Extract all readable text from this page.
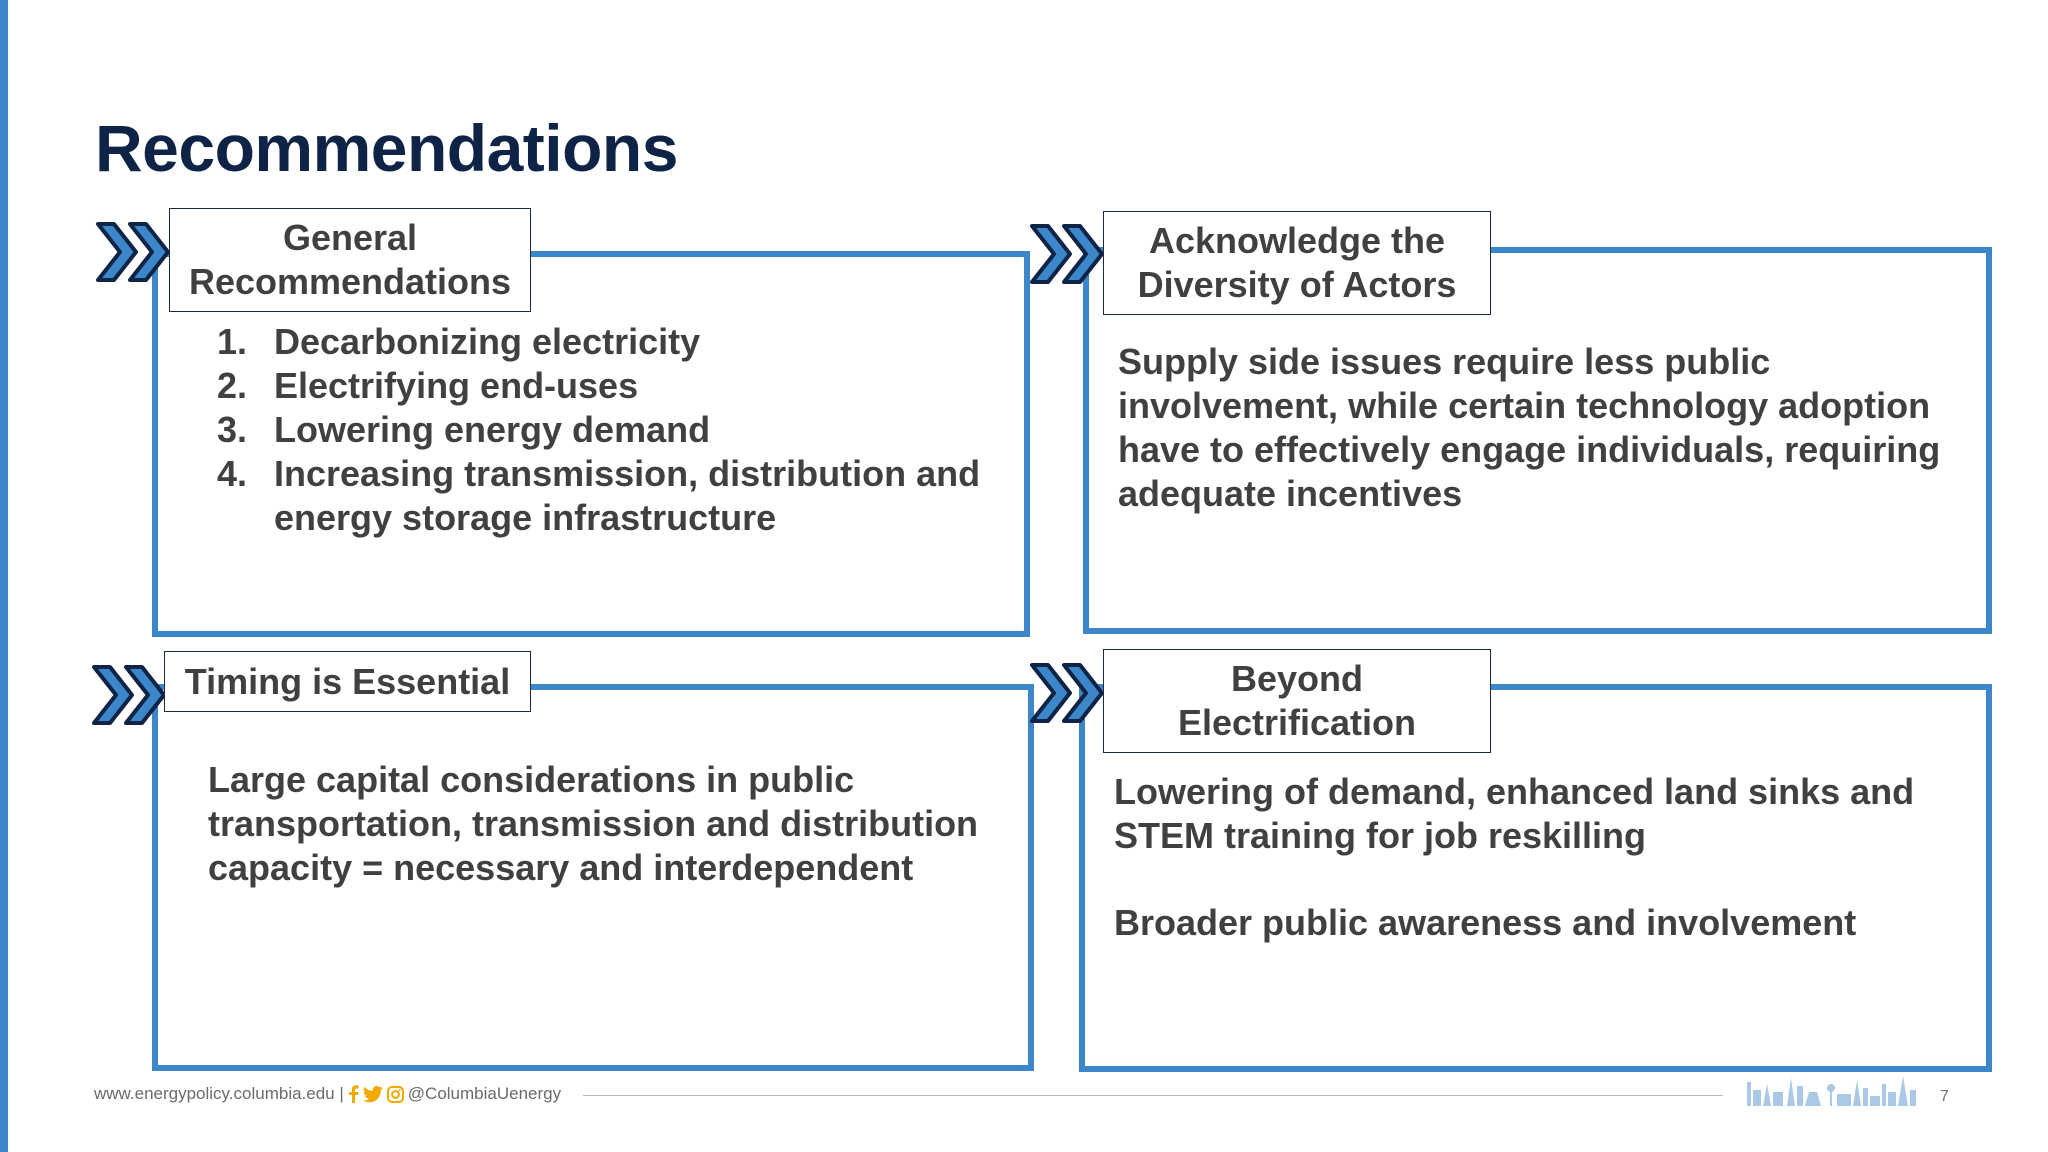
Recommendations
General
Recommendations
1. Decarbonizing electricity
2. Electrifying end-uses
3. Lowering energy demand
4. Increasing transmission, distribution and energy storage infrastructure
Acknowledge the
Diversity of Actors
Supply side issues require less public involvement, while certain technology adoption have to effectively engage individuals, requiring adequate incentives
Timing is Essential
Large capital considerations in public transportation, transmission and distribution capacity = necessary and interdependent
Beyond
Electrification
Lowering of demand, enhanced land sinks and STEM training for job reskilling
Broader public awareness and involvement
www.energypolicy.columbia.edu |	@ColumbiaUenergy	7
